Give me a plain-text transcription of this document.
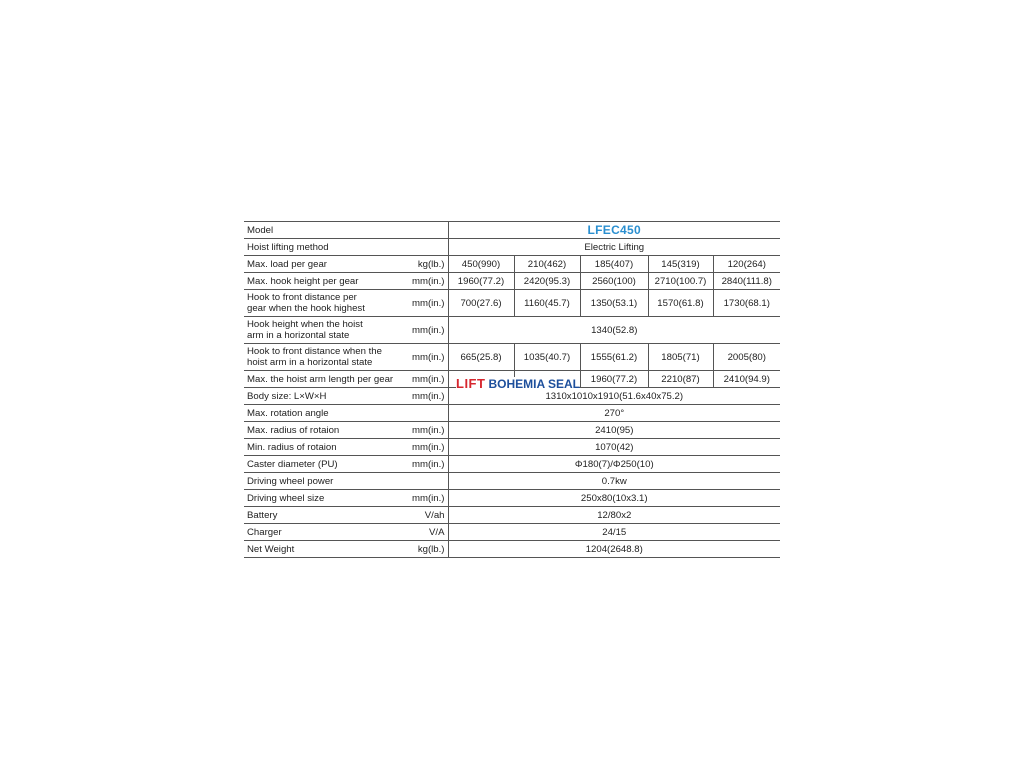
Model		LFEC450				
Hoist lifting method		Electric Lifting				
Max. load per gear	kg(lb.)	450(990)	210(462)	185(407)	145(319)	120(264)
Max. hook height per gear	mm(in.)	1960(77.2)	2420(95.3)	2560(100)	2710(100.7)	2840(111.8)
Hook to front distance per
gear when the hook highest	mm(in.)	700(27.6)	1160(45.7)	1350(53.1)	1570(61.8)	1730(68.1)
Hook height when the hoist
arm in a horizontal state	mm(in.)	1340(52.8)				
Hook to front distance when the
hoist arm in a horizontal state	mm(in.)	665(25.8)	1035(40.7)	1555(61.2)	1805(71)	2005(80)
Max. the hoist arm length per gear	mm(in.)			1960(77.2)	2210(87)	2410(94.9)
Body size: L×W×H	mm(in.)	1310x1010x1910(51.6x40x75.2)				
Max. rotation angle		270°				
Max. radius of rotaion	mm(in.)	2410(95)				
Min. radius of rotaion	mm(in.)	1070(42)				
Caster diameter (PU)	mm(in.)	Φ180(7)/Φ250(10)				
Driving wheel power		0.7kw				
Driving wheel size	mm(in.)	250x80(10x3.1)				
Battery	V/ah	12/80x2				
Charger	V/A	24/15				
Net Weight	kg(lb.)	1204(2648.8)				
LIFT BOHEMIA SEAL
